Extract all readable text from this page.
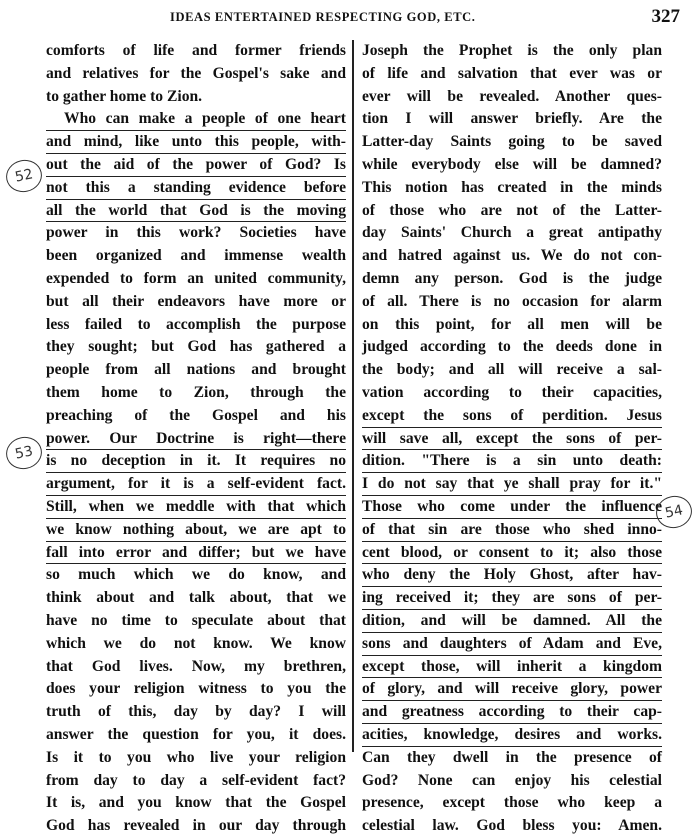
IDEAS ENTERTAINED RESPECTING GOD, ETC.	327
comforts of life and former friends
and relatives for the Gospel's sake and
to gather home to Zion.
Who can make a people of one heart
and mind, like unto this people, with-
out the aid of the power of God? Is
not this a standing evidence before
all the world that God is the moving
power in this work? Societies have
been organized and immense wealth
expended to form an united community,
but all their endeavors have more or
less failed to accomplish the purpose
they sought; but God has gathered a
people from all nations and brought
them home to Zion, through the
preaching of the Gospel and his
power. Our Doctrine is right—there
is no deception in it. It requires no
argument, for it is a self-evident fact.
Still, when we meddle with that which
we know nothing about, we are apt to
fall into error and differ; but we have
so much which we do know, and
think about and talk about, that we
have no time to speculate about that
which we do not know. We know
that God lives. Now, my brethren,
does your religion witness to you the
truth of this, day by day? I will
answer the question for you, it does.
Is it to you who live your religion
from day to day a self-evident fact?
It is, and you know that the Gospel
God has revealed in our day through
Joseph the Prophet is the only plan
of life and salvation that ever was or
ever will be revealed. Another ques-
tion I will answer briefly. Are the
Latter-day Saints going to be saved
while everybody else will be damned?
This notion has created in the minds
of those who are not of the Latter-
day Saints' Church a great antipathy
and hatred against us. We do not con-
demn any person. God is the judge
of all. There is no occasion for alarm
on this point, for all men will be
judged according to the deeds done in
the body; and all will receive a sal-
vation according to their capacities,
except the sons of perdition. Jesus
will save all, except the sons of per-
dition. "There is a sin unto death:
I do not say that ye shall pray for it."
Those who come under the influence
of that sin are those who shed inno-
cent blood, or consent to it; also those
who deny the Holy Ghost, after hav-
ing received it; they are sons of per-
dition, and will be damned. All the
sons and daughters of Adam and Eve,
except those, will inherit a kingdom
of glory, and will receive glory, power
and greatness according to their cap-
acities, knowledge, desires and works.
Can they dwell in the presence of
God? None can enjoy his celestial
presence, except those who keep a
celestial law. God bless you: Amen.
52
53
54
